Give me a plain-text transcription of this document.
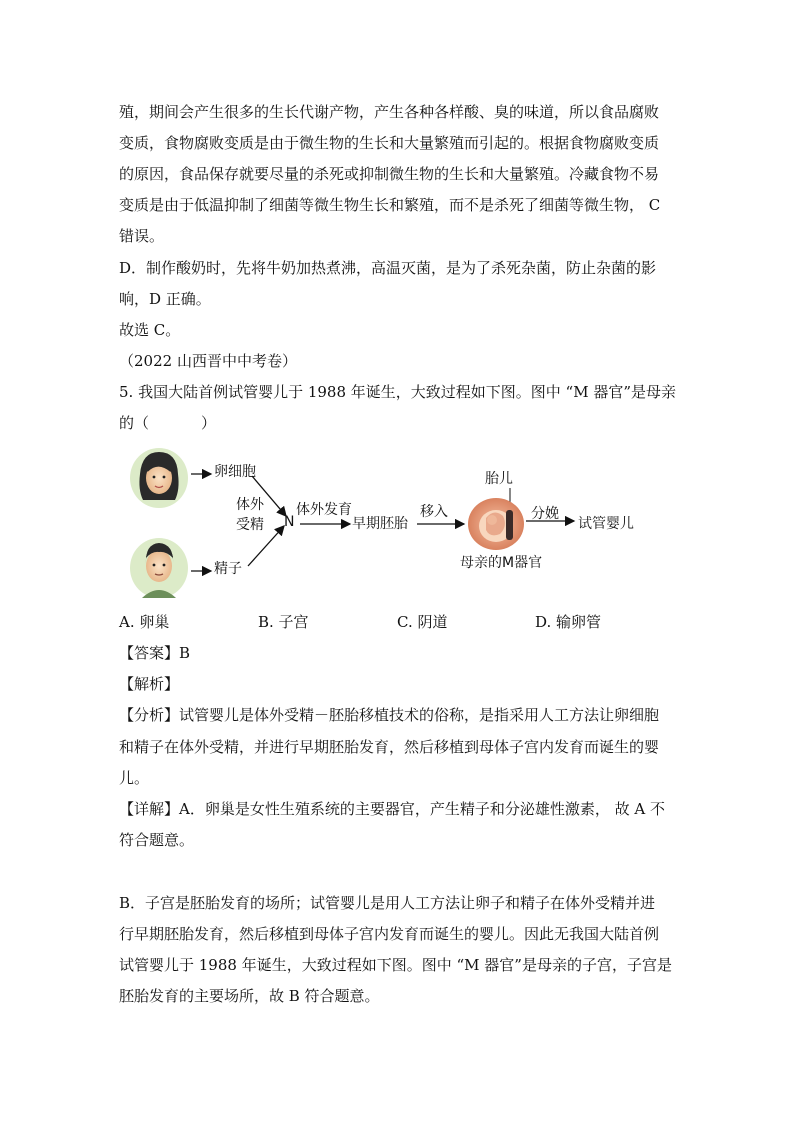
殖，期间会产生很多的生长代谢产物，产生各种各样酸、臭的味道，所以食品腐败
变质，食物腐败变质是由于微生物的生长和大量繁殖而引起的。根据食物腐败变质
的原因，食品保存就要尽量的杀死或抑制微生物的生长和大量繁殖。冷藏食物不易
变质是由于低温抑制了细菌等微生物生长和繁殖，而不是杀死了细菌等微生物， C
错误。
D．制作酸奶时，先将牛奶加热煮沸，高温灭菌，是为了杀死杂菌，防止杂菌的影
响，D 正确。
故选 C。
（2022 山西晋中中考卷）
5. 我国大陆首例试管婴儿于 1988 年诞生，大致过程如下图。图中 “M 器官”是母亲
的（	）
卵细胞
精子
体外
受精 N
体外发育
早期胚胎
移入
胎儿
母亲的M器官
分娩
试管婴儿
A. 卵巢	B. 子宫	C. 阴道	D. 输卵管
【答案】B
【解析】
【分析】试管婴儿是体外受精－胚胎移植技术的俗称，是指采用人工方法让卵细胞
和精子在体外受精，并进行早期胚胎发育，然后移植到母体子宫内发育而诞生的婴
儿。
【详解】A．卵巢是女性生殖系统的主要器官，产生精子和分泌雄性激素， 故 A 不
符合题意。
B．子宫是胚胎发育的场所；试管婴儿是用人工方法让卵子和精子在体外受精并进
行早期胚胎发育，然后移植到母体子宫内发育而诞生的婴儿。因此无我国大陆首例
试管婴儿于 1988 年诞生，大致过程如下图。图中 “M 器官”是母亲的子宫，子宫是
胚胎发育的主要场所，故 B 符合题意。
